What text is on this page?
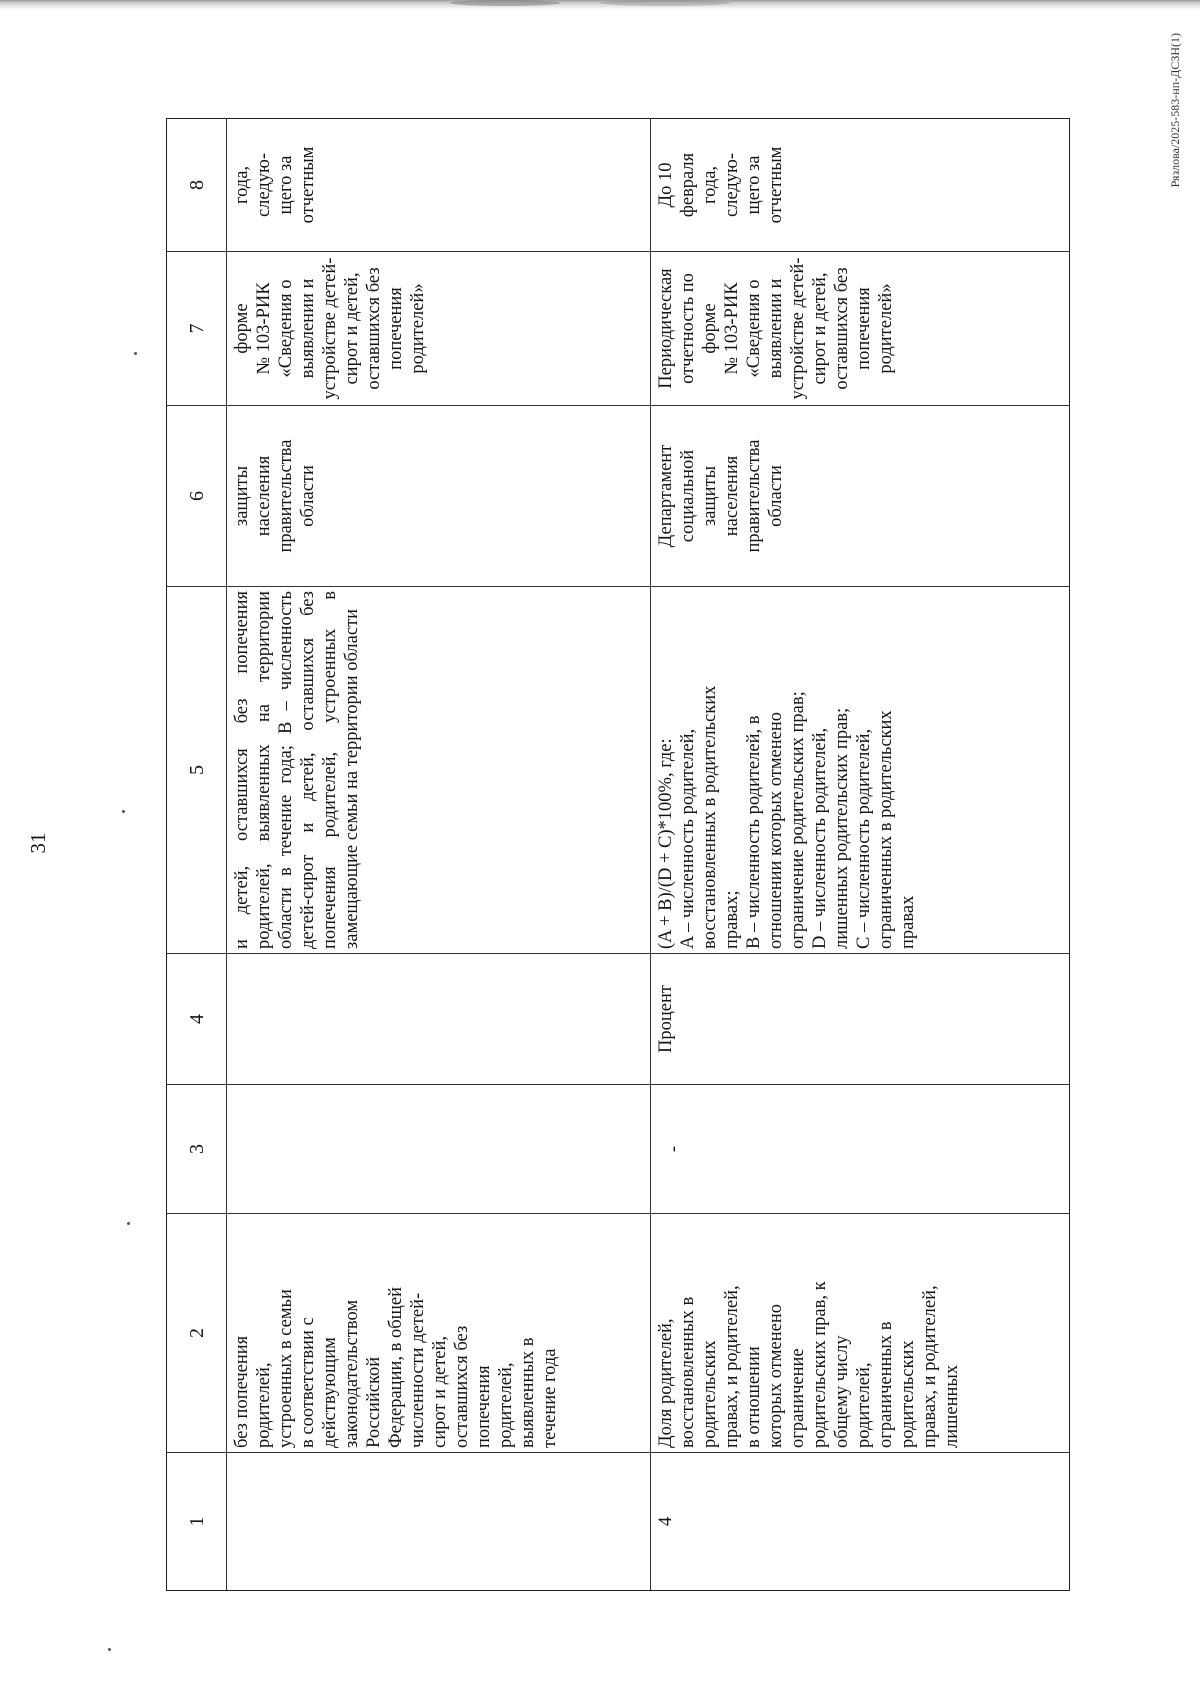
31
Рязлова/2025-583-нп-ДСЗН(1)
1
2
3
4
5
6
7
8
без попечения
родителей,
устроенных в семьи
в соответствии с
действующим
законодательством
Российской
Федерации, в общей
численности детей-
сирот и детей,
оставшихся без
попечения
родителей,
выявленных в
течение года
и детей, оставшихся без попечения родителей, выявленных на территории области в течение года; B – численность детей-сирот и детей, оставшихся без попечения родителей, устроенных в замещающие семьи на территории области
защиты
населения
правительства
области
форме
№ 103-РИК
«Сведения о
выявлении и
устройстве детей-
сирот и детей,
оставшихся без
попечения
родителей»
года,
следую-
щего за
отчетным
4
Доля родителей,
восстановленных в
родительских
правах, и родителей,
в отношении
которых отменено
ограничение
родительских прав, к
общему числу
родителей,
ограниченных в
родительских
правах, и родителей,
лишенных
-
Процент
(A + B)/(D + C)*100%, где:
A – численность родителей,
восстановленных в родительских
правах;
B – численность родителей, в
отношении которых отменено
ограничение родительских прав;
D – численность родителей,
лишенных родительских прав;
C – численность родителей,
ограниченных в родительских
правах
Департамент
социальной
защиты
населения
правительства
области
Периодическая
отчетность по
форме
№ 103-РИК
«Сведения о
выявлении и
устройстве детей-
сирот и детей,
оставшихся без
попечения
родителей»
До 10
февраля
года,
следую-
щего за
отчетным
